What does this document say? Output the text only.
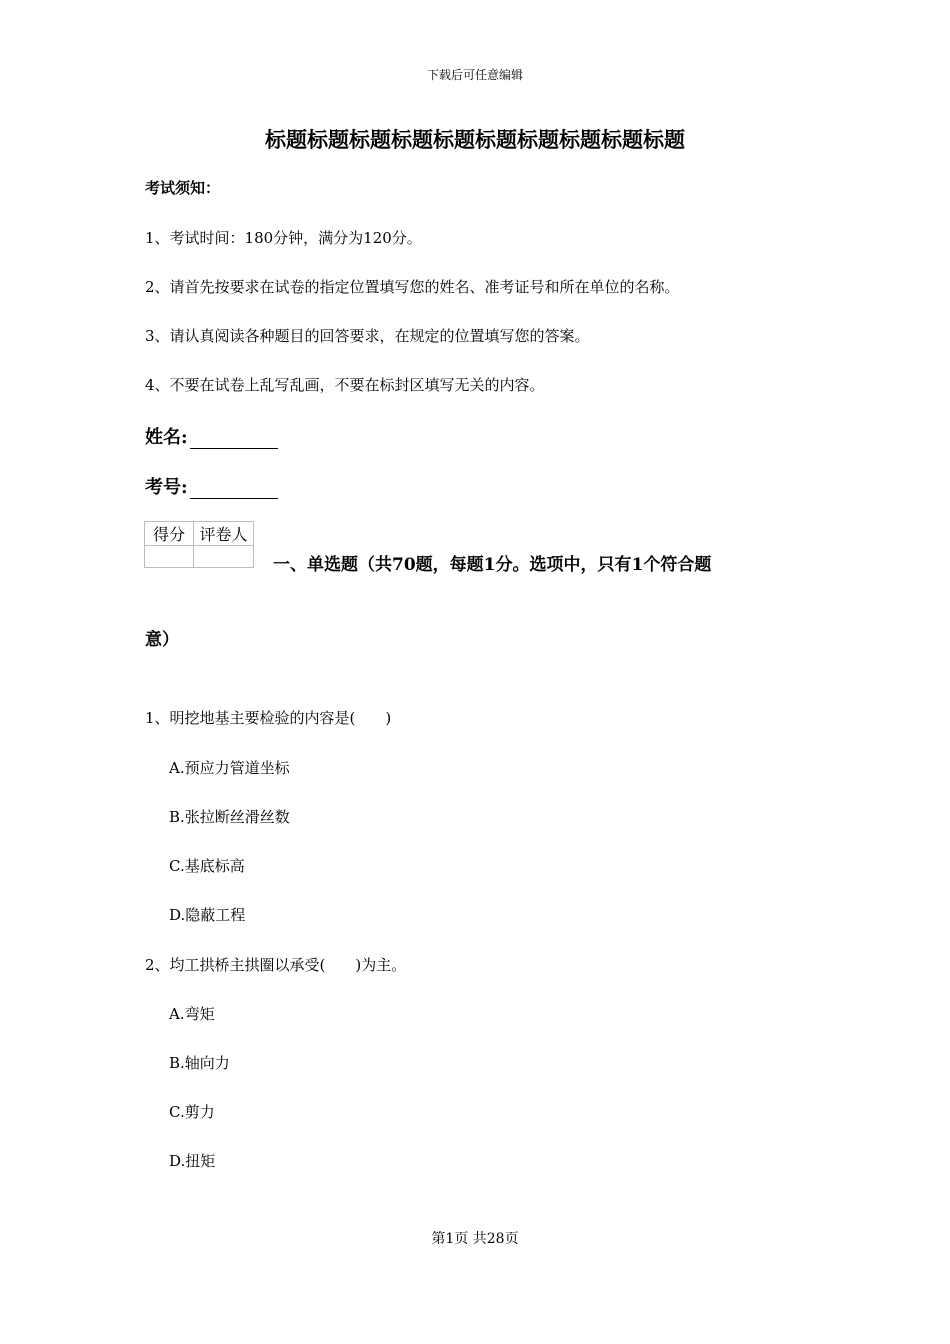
下载后可任意编辑
标题标题标题标题标题标题标题标题标题标题
考试须知：
1、考试时间：180分钟，满分为120分。
2、请首先按要求在试卷的指定位置填写您的姓名、准考证号和所在单位的名称。
3、请认真阅读各种题目的回答要求，在规定的位置填写您的答案。
4、不要在试卷上乱写乱画，不要在标封区填写无关的内容。
姓名:
考号:
得分	评卷人

一、单选题（共70题，每题1分。选项中，只有1个符合题
意）
1、明挖地基主要检验的内容是(　　)
A.预应力管道坐标
B.张拉断丝滑丝数
C.基底标高
D.隐蔽工程
2、均工拱桥主拱圈以承受(　　)为主。
A.弯矩
B.轴向力
C.剪力
D.扭矩
第1页 共28页
